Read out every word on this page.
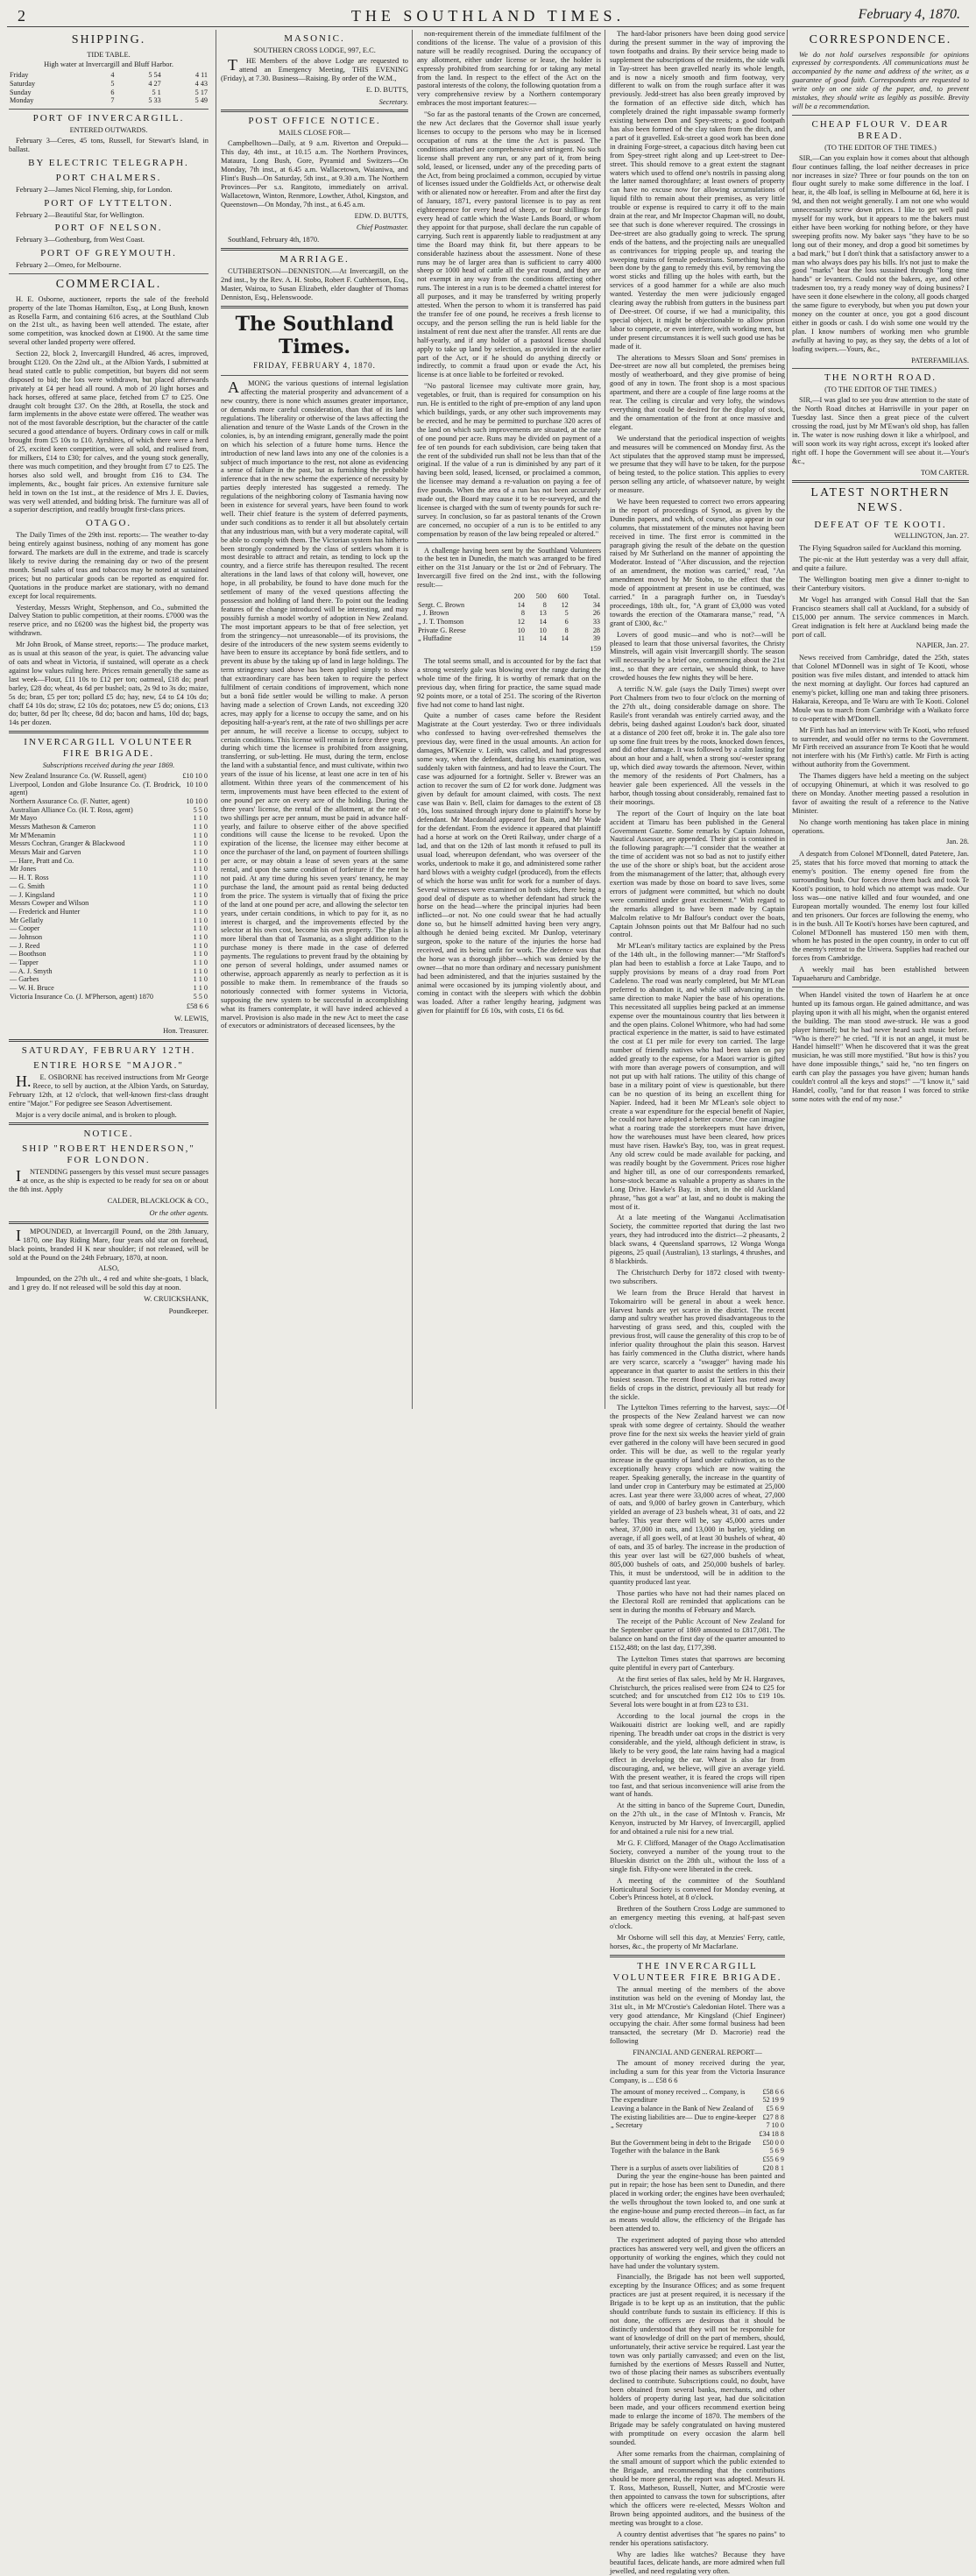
2	THE SOUTHLAND TIMES.	February 4, 1870.
SHIPPING.
TIDE TABLE.
High water at Invercargill and Bluff Harbor.
Friday	4	5 54	4 11
Saturday	5	4 27	4 43
Sunday	6	5 1	5 17
Monday	7	5 33	5 49
PORT OF INVERCARGILL.
ENTERED OUTWARDS.

February 3—Ceres, 45 tons, Russell, for Stewart's Island, in ballast.

BY ELECTRIC TELEGRAPH.
PORT CHALMERS.

February 2—James Nicol Fleming, ship, for London.

PORT OF LYTTELTON.

February 2—Beautiful Star, for Wellington.

PORT OF NELSON.

February 3—Gothenburg, from West Coast.

PORT OF GREYMOUTH.

February 2—Omeo, for Melbourne.

COMMERCIAL.

H. E. Osborne, auctioneer, reports the sale of the freehold property of the late Thomas Hamilton, Esq., at Long Bush, known as Rosella Farm, and containing 616 acres, at the Southland Club on the 21st ult., as having been well attended. The estate, after some competition, was knocked down at £1900. At the same time several other landed property were offered.

Section 22, block 2, Invercargill Hundred, 46 acres, improved, brought £120. On the 22nd ult., at the Albion Yards, I submitted at head stated cattle to public competition, but buyers did not seem disposed to bid; the lots were withdrawn, but placed afterwards privately at £4 per head all round. A mob of 20 light horses and hack horses, offered at same place, fetched from £7 to £25. One draught colt brought £37. On the 28th, at Rosella, the stock and farm implements in the above estate were offered. The weather was not of the most favorable description, but the character of the cattle secured a good attendance of buyers. Ordinary cows in calf or milk brought from £5 10s to £10. Ayrshires, of which there were a herd of 25, excited keen competition, were all sold, and realised from, for milkers, £14 to £30; for calves, and the young stock generally, there was much competition, and they brought from £7 to £25. The horses also sold well, and brought from £16 to £34. The implements, &c., bought fair prices. An extensive furniture sale held in town on the 1st inst., at the residence of Mrs J. E. Davies, was very well attended, and bidding brisk. The furniture was all of a superior description, and readily brought first-class prices.

OTAGO.

The Daily Times of the 29th inst. reports:— The weather to-day being entirely against business, nothing of any moment has gone forward. The markets are dull in the extreme, and trade is scarcely likely to revive during the remaining day or two of the present month. Small sales of teas and tobaccos may be noted at sustained prices; but no particular goods can be reported as enquired for. Quotations in the produce market are stationary, with no demand except for local requirements.

Yesterday, Messrs Wright, Stephenson, and Co., submitted the Dalvey Station to public competition, at their rooms. £7000 was the reserve price, and no £6200 was the highest bid, the property was withdrawn.

Mr John Brook, of Manse street, reports:— The produce market, as is usual at this season of the year, is quiet. The advancing value of oats and wheat in Victoria, if sustained, will operate as a check against low values ruling here. Prices remain generally the same as last week—Flour, £11 10s to £12 per ton; oatmeal, £18 do; pearl barley, £28 do; wheat, 4s 6d per bushel; oats, 2s 9d to 3s do; maize, 5s do; bran, £5 per ton; pollard £5 do; hay, new, £4 to £4 10s do; chaff £4 10s do; straw, £2 10s do; potatoes, new £5 do; onions, £13 do; butter, 8d per lb; cheese, 8d do; bacon and hams, 10d do; bags, 14s per dozen.

INVERCARGILL VOLUNTEER FIRE BRIGADE.
Subscriptions received during the year 1869.
New Zealand Insurance Co. (W. Russell, agent)	£10 10 0
Liverpool, London and Globe Insurance Co. (T. Brodrick, agent)	10 10 0
Northern Assurance Co. (F. Nutter, agent)	10 10 0
Australian Alliance Co. (H. T. Ross, agent)	5 5 0
Mr Mayo	1 1 0
Messrs Matheson & Cameron	1 1 0
Mr M'Menamin	1 1 0
Messrs Cochran, Granger & Blackwood	1 1 0
Messrs Mair and Garven	1 1 0
— Hare, Pratt and Co.	1 1 0
Mr Jones	1 1 0
— H. T. Ross	1 1 0
— G. Smith	1 1 0
— J. Kingsland	1 1 0
Messrs Cowper and Wilson	1 1 0
— Frederick and Hunter	1 1 0
Mr Gellatly	1 1 0
— Cooper	1 1 0
— Johnson	1 1 0
— J. Reed	1 1 0
— Boothson	1 1 0
— Tapper	1 1 0
— A. J. Smyth	1 1 0
— Garbes	1 1 0
— W. H. Bruce	1 1 0
Victoria Insurance Co. (J. M'Pherson, agent) 1870	5 5 0
£58 6 6
W. LEWIS,
Hon. Treasurer.
SATURDAY, FEBRUARY 12TH.
ENTIRE HORSE "MAJOR."

H.E. OSBORNE has received instructions from Mr George Reece, to sell by auction, at the Albion Yards, on Saturday, February 12th, at 12 o'clock, that well-known first-class draught entire "Major." For pedigree see Season Advertisement.

Major is a very docile animal, and is broken to plough.

NOTICE.
SHIP "ROBERT HENDERSON," FOR LONDON.

INTENDING passengers by this vessel must secure passages at once, as the ship is expected to be ready for sea on or about the 8th inst. Apply

CALDER, BLACKLOCK & CO.,
Or the other agents.

IMPOUNDED, at Invercargill Pound, on the 28th January, 1870, one Bay Riding Mare, four years old star on forehead, black points, branded H K near shoulder; if not released, will be sold at the Pound on the 24th February, 1870, at noon.

ALSO,

Impounded, on the 27th ult., 4 red and white she-goats, 1 black, and 1 grey do. If not released will be sold this day at noon.

W. CRUICKSHANK,
Poundkeeper.
MASONIC.
SOUTHERN CROSS LODGE, 997, E.C.

THE Members of the above Lodge are requested to attend an Emergency Meeting, THIS EVENING (Friday), at 7.30. Business—Raising. By order of the W.M.,

E. D. BUTTS,
Secretary.
POST OFFICE NOTICE.
MAILS CLOSE FOR—

Campbelltown—Daily, at 9 a.m. Riverton and Orepuki—This day, 4th inst., at 10.15 a.m. The Northern Provinces, Mataura, Long Bush, Gore, Pyramid and Switzers—On Monday, 7th inst., at 6.45 a.m. Wallacetown, Waianiwa, and Flint's Bush—On Saturday, 5th inst., at 9.30 a.m. The Northern Provinces—Per s.s. Rangitoto, immediately on arrival. Wallacetown, Winton, Renmore, Lowther, Athol, Kingston, and Queenstown—On Monday, 7th inst., at 6.45 a.m.

EDW. D. BUTTS,
Chief Postmaster.

Southland, February 4th, 1870.

MARRIAGE.

CUTHBERTSON—DENNISTON.—At Invercargill, on the 2nd inst., by the Rev. A. H. Stobo, Robert F. Cuthbertson, Esq., Master, Wairoa, to Susan Elizabeth, elder daughter of Thomas Denniston, Esq., Helenswoode.

The Southland Times.
FRIDAY, FEBRUARY 4, 1870.

AMONG the various questions of internal legislation affecting the material prosperity and advancement of a new country, there is none which assumes greater importance, or demands more careful consideration, than that of its land regulations. The liberality or otherwise of the laws affecting the alienation and tenure of the Waste Lands of the Crown in the colonies, is, by an intending emigrant, generally made the point on which his selection of a future home turns. Hence the introduction of new land laws into any one of the colonies is a subject of much importance to the rest, not alone as evidencing a sense of failure in the past, but as furnishing the probable inference that in the new scheme the experience of necessity by parties deeply interested has suggested a remedy. The regulations of the neighboring colony of Tasmania having now been in existence for several years, have been found to work well. Their chief feature is the system of deferred payments, under such conditions as to render it all but absolutely certain that any industrious man, with but a very moderate capital, will be able to comply with them. The Victorian system has hitherto been strongly condemned by the class of settlers whom it is most desirable to attract and retain, as tending to lock up the country, and a fierce strife has thereupon resulted. The recent alterations in the land laws of that colony will, however, one hope, in all probability, be found to have done much for the settlement of many of the vexed questions affecting the possession and holding of land there. To point out the leading features of the change introduced will be interesting, and may possibly furnish a model worthy of adoption in New Zealand. The most important appears to be that of free selection, yet from the stringency—not unreasonable—of its provisions, the desire of the introducers of the new system seems evidently to have been to ensure its acceptance by bonâ fide settlers, and to prevent its abuse by the taking up of land in large holdings. The term stringency used above has been applied simply to show that extraordinary care has been taken to require the perfect fulfilment of certain conditions of improvement, which none but a bonâ fide settler would be willing to make. A person having made a selection of Crown Lands, not exceeding 320 acres, may apply for a license to occupy the same, and on his depositing half-a-year's rent, at the rate of two shillings per acre per annum, he will receive a license to occupy, subject to certain conditions. This license will remain in force three years, during which time the licensee is prohibited from assigning, transferring, or sub-letting. He must, during the term, enclose the land with a substantial fence, and must cultivate, within two years of the issue of his license, at least one acre in ten of his allotment. Within three years of the commencement of his term, improvements must have been effected to the extent of one pound per acre on every acre of the holding. During the three years' license, the rental of the allotment, at the rate of two shillings per acre per annum, must be paid in advance half-yearly, and failure to observe either of the above specified conditions will cause the license to be revoked. Upon the expiration of the license, the licensee may either become at once the purchaser of the land, on payment of fourteen shillings per acre, or may obtain a lease of seven years at the same rental, and upon the same condition of forfeiture if the rent be not paid. At any time during his seven years' tenancy, he may purchase the land, the amount paid as rental being deducted from the price. The system is virtually that of fixing the price of the land at one pound per acre, and allowing the selector ten years, under certain conditions, in which to pay for it, as no interest is charged, and the improvements effected by the selector at his own cost, become his own property. The plan is more liberal than that of Tasmania, as a slight addition to the purchase money is there made in the case of deferred payments. The regulations to prevent fraud by the obtaining by one person of several holdings, under assumed names or otherwise, approach apparently as nearly to perfection as it is possible to make them. In remembrance of the frauds so notoriously connected with former systems in Victoria, supposing the new system to be successful in accomplishing what its framers contemplate, it will have indeed achieved a marvel. Provision is also made in the new Act to meet the case of executors or administrators of deceased licensees, by the

non-requirement therein of the immediate fulfilment of the conditions of the license. The value of a provision of this nature will be readily recognised. During the occupancy of any allotment, either under license or lease, the holder is expressly prohibited from searching for or taking any metal from the land. In respect to the effect of the Act on the pastoral interests of the colony, the following quotation from a very comprehensive review by a Northern contemporary embraces the most important features:—

"So far as the pastoral tenants of the Crown are concerned, the new Act declares that the Governor shall issue yearly licenses to occupy to the persons who may be in licensed occupation of runs at the time the Act is passed. The conditions attached are comprehensive and stringent. No such license shall prevent any run, or any part of it, from being sold, leased, or licensed, under any of the preceding parts of the Act, from being proclaimed a common, occupied by virtue of licenses issued under the Goldfields Act, or otherwise dealt with or alienated now or hereafter. From and after the first day of January, 1871, every pastoral licensee is to pay as rent eighteenpence for every head of sheep, or four shillings for every head of cattle which the Waste Lands Board, or whom they appoint for that purpose, shall declare the run capable of carrying. Such rent is apparently liable to readjustment at any time the Board may think fit, but there appears to be considerable haziness about the assessment. None of these runs may be of larger area than is sufficient to carry 4000 sheep or 1000 head of cattle all the year round, and they are not exempt in any way from the conditions affecting other runs. The interest in a run is to be deemed a chattel interest for all purposes, and it may be transferred by writing properly attested. When the person to whom it is transferred has paid the transfer fee of one pound, he receives a fresh license to occupy, and the person selling the run is held liable for the instalment of rent due next after the transfer. All rents are due half-yearly, and if any holder of a pastoral license should apply to take up land by selection, as provided in the earlier part of the Act, or if he should do anything directly or indirectly, to commit a fraud upon or evade the Act, his license is at once liable to be forfeited or revoked.

"No pastoral licensee may cultivate more grain, hay, vegetables, or fruit, than is required for consumption on his run. He is entitled to the right of pre-emption of any land upon which buildings, yards, or any other such improvements may be erected, and he may be permitted to purchase 320 acres of the land on which such improvements are situated, at the rate of one pound per acre. Runs may be divided on payment of a fee of ten pounds for each subdivision, care being taken that the rent of the subdivided run shall not be less than that of the original. If the value of a run is diminished by any part of it having been sold, leased, licensed, or proclaimed a common, the licensee may demand a re-valuation on paying a fee of five pounds. When the area of a run has not been accurately made out, the Board may cause it to be re-surveyed, and the licensee is charged with the sum of twenty pounds for such re-survey. In conclusion, so far as pastoral tenants of the Crown are concerned, no occupier of a run is to be entitled to any compensation by reason of the law being repealed or altered."

A challenge having been sent by the Southland Volunteers to the best ten in Dunedin, the match was arranged to be fired either on the 31st January or the 1st or 2nd of February. The Invercargill five fired on the 2nd inst., with the following result:—

	200	500	600	Total.
Sergt. C. Brown	14	8	12	34
„ J. Brown	8	13	5	26
„ J. T. Thomson	12	14	6	33
Private G. Reese	10	10	8	28
„ Huffadine	11	14	14	39
159

The total seems small, and is accounted for by the fact that a strong westerly gale was blowing over the range during the whole time of the firing. It is worthy of remark that on the previous day, when firing for practice, the same squad made 92 points more, or a total of 251. The scoring of the Riverton five had not come to hand last night.

Quite a number of cases came before the Resident Magistrate at the Court yesterday. Two or three individuals who confessed to having over-refreshed themselves the previous day, were fined in the usual amounts. An action for damages, M'Kenzie v. Leith, was called, and had progressed some way, when the defendant, during his examination, was suddenly taken with faintness, and had to leave the Court. The case was adjourned for a fortnight. Seller v. Brewer was an action to recover the sum of £2 for work done. Judgment was given by default for amount claimed, with costs. The next case was Bain v. Bell, claim for damages to the extent of £8 10s, loss sustained through injury done to plaintiff's horse by defendant. Mr Macdonald appeared for Bain, and Mr Wade for the defendant. From the evidence it appeared that plaintiff had a horse at work on the Oreti Railway, under charge of a lad, and that on the 12th of last month it refused to pull its usual load, whereupon defendant, who was overseer of the works, undertook to make it go, and administered some rather hard blows with a weighty cudgel (produced), from the effects of which the horse was unfit for work for a number of days. Several witnesses were examined on both sides, there being a good deal of dispute as to whether defendant had struck the horse on the head—where the principal injuries had been inflicted—or not. No one could swear that he had actually done so, but he himself admitted having been very angry, although he denied being excited. Mr Dunlop, veterinary surgeon, spoke to the nature of the injuries the horse had received, and its being unfit for work. The defence was that the horse was a thorough jibber—which was denied by the owner—that no more than ordinary and necessary punishment had been administered, and that the injuries sustained by the animal were occasioned by its jumping violently about, and coming in contact with the sleepers with which the dobbin was loaded. After a rather lengthy hearing, judgment was given for plaintiff for £6 10s, with costs, £1 6s 6d.

The hard-labor prisoners have been doing good service during the present summer in the way of improving the town footpaths and drains. By their service being made to supplement the subscriptions of the residents, the side walk in Tay-street has been gravelled nearly its whole length, and is now a nicely smooth and firm footway, very different to walk on from the rough surface after it was previously. Jedd-street has also been greatly improved by the formation of an effective side ditch, which has completely drained the right impassable swamp formerly existing between Don and Spey-streets; a good footpath has also been formed of the clay taken from the ditch, and a part of it gravelled. Esk-street a good work has been done in draining Forge-street, a capacious ditch having been cut from Spey-street right along and up Leet-street to Dee-street. This should remove to a great extent the stagnant waters which used to offend one's nostrils in passing along the latter named thoroughfare; at least owners of property can have no excuse now for allowing accumulations of liquid filth to remain about their premises, as very little trouble or expense is required to carry it off to the main drain at the rear, and Mr Inspector Chapman will, no doubt, see that such is done wherever required. The crossings in Dee-street are also gradually going to wreck. The sprung ends of the battens, and the projecting nails are unequalled as contrivances for tripping people up, and tearing the sweeping trains of female pedestrians. Something has also been done by the gang to remedy this evil, by removing the worst sticks and filling up the holes with earth, but the services of a good hammer for a while are also much wanted. Yesterday the men were judiciously engaged clearing away the rubbish from gutters in the business part of Dee-street. Of course, if we had a municipality, this special object, it might be objectionable to allow prison labor to compete, or even interfere, with working men, but under present circumstances it is well such good use has be made of it.

The alterations to Messrs Sloan and Sons' premises in Dee-street are now all but completed, the premises being mostly of weatherboard, and they give promise of being good of any in town. The front shop is a most spacious apartment, and there are a couple of fine large rooms at the rear. The ceiling is circular and very lofty, the windows everything that could be desired for the display of stock, and the ornamentation of the front at once massive and elegant.

We understand that the periodical inspection of weights and measures will be commenced on Monday first. As the Act stipulates that the approved stamp must be impressed, we presume that they will have to be taken, for the purpose of being tested, to the police station. This applies to every person selling any article, of whatsoever nature, by weight or measure.

We have been requested to correct two errors appearing in the report of proceedings of Synod, as given by the Dunedin papers, and which, of course, also appear in our columns, that misstatement of the minutes not having been received in time. The first error is committed in the paragraph giving the result of the debate on the question raised by Mr Sutherland on the manner of appointing the Moderator. Instead of "After discussion, and the rejection of an amendment, the motion was carried," read, "An amendment moved by Mr Stobo, to the effect that the mode of appointment at present in use be continued, was carried." In a paragraph further on, in Tuesday's proceedings, 18th ult., for, "A grant of £3,000 was voted towards the erection of the Otamarara manse," read, "A grant of £300, &c."

Lovers of good music—and who is not?—will be pleased to learn that those universal favorites, the Christy Minstrels, will again visit Invercargill shortly. The season will necessarily be a brief one, commencing about the 21st inst., so that they are certain, we should think, to have crowded houses the few nights they will be here.

A terrific N.W. gale (says the Daily Times) swept over Port Chalmers from two to four o'clock on the morning of the 27th ult., doing considerable damage on shore. The Rasile's front verandah was entirely carried away, and the debris, being dashed against Loudon's back door, situated at a distance of 200 feet off, broke it in. The gale also tore up some fine fruit trees by the roots, knocked down fences, and did other damage. It was followed by a calm lasting for about an hour and a half, when a strong sou'-wester sprang up, which died away towards the afternoon. Never, within the memory of the residents of Port Chalmers, has a heavier gale been experienced. All the vessels in the harbor, though tossing about considerably, remained fast to their moorings.

The report of the Court of Inquiry on the late boat accident at Timaru has been published in the General Government Gazette. Some remarks by Captain Johnson, Nautical Assessor, are appended. Their gist is contained in the following paragraph:—"I consider that the weather at the time of accident was not so bad as not to justify either the use of the shore or ship's boat, but the accident arose from the mismanagement of the latter; that, although every exertion was made by those on board to save lives, some errors of judgment were committed, but which no doubt were committed under great excitement." With regard to the remarks alleged to have been made by Captain Malcolm relative to Mr Balfour's conduct over the boats, Captain Johnson points out that Mr Balfour had no such control.

Mr M'Lean's military tactics are explained by the Press of the 14th ult., in the following manner:—"Mr Stafford's plan had been to establish a force at Lake Taupo, and to supply provisions by means of a dray road from Port Cadeleno. The road was nearly completed, but Mr M'Lean preferred to abandon it, and while still advancing in the same direction to make Napier the base of his operations. This necessitated all supplies being packed at an immense expense over the mountainous country that lies between it and the open plains. Colonel Whitmore, who had had some practical experience in the matter, is said to have estimated the cost at £1 per mile for every ton carried. The large number of friendly natives who had been taken on pay added greatly to the expense, for a Maori warrior is gifted with more than average powers of consumption, and will not put up with half rations. The utility of this change of base in a military point of view is questionable, but there can be no question of its being an excellent thing for Napier. Indeed, had it been Mr M'Lean's sole object to create a war expenditure for the especial benefit of Napier, he could not have adopted a better course. One can imagine what a roaring trade the storekeepers must have driven, how the warehouses must have been cleared, how prices must have risen. Hawke's Bay, too, was in great request. Any old screw could be made available for packing, and was readily bought by the Government. Prices rose higher and higher till, as one of our correspondents remarked, horse-stock became as valuable a property as shares in the Long Drive. Hawke's Bay, in short, in the old Auckland phrase, "has got a war" at last, and no doubt is making the most of it.

At a late meeting of the Wanganui Acclimatisation Society, the committee reported that during the last two years, they had introduced into the district—2 pheasants, 2 black swans, 4 Queensland sparrows, 12 Wonga Wonga pigeons, 25 quail (Australian), 13 starlings, 4 thrushes, and 8 blackbirds.

The Christchurch Derby for 1872 closed with twenty-two subscribers.

We learn from the Bruce Herald that harvest in Tokomairiro will be general in about a week hence. Harvest hands are yet scarce in the district. The recent damp and sultry weather has proved disadvantageous to the harvesting of grass seed, and this, coupled with the previous frost, will cause the generality of this crop to be of inferior quality throughout the plain this season. Harvest has fairly commenced in the Clutha district, where hands are very scarce, scarcely a "swagger" having made his appearance in that quarter to assist the settlers in this their busiest season. The recent flood at Taieri has rotted away fields of crops in the district, previously all but ready for the sickle.

The Lyttelton Times referring to the harvest, says:—Of the prospects of the New Zealand harvest we can now speak with some degree of certainty. Should the weather prove fine for the next six weeks the heavier yield of grain ever gathered in the colony will have been secured in good order. This will be due, as well to the regular yearly increase in the quantity of land under cultivation, as to the exceptionally heavy crops which are now waiting the reaper. Speaking generally, the increase in the quantity of land under crop in Canterbury may be estimated at 25,000 acres. Last year there were 33,000 acres of wheat, 27,000 of oats, and 9,000 of barley grown in Canterbury, which yielded an average of 23 bushels wheat, 31 of oats, and 22 barley. This year there will be, say 45,000 acres under wheat, 37,000 in oats, and 13,000 in barley, yielding on average, if all goes well, of at least 30 bushels of wheat, 40 of oats, and 35 of barley. The increase in the production of this year over last will be 627,000 bushels of wheat, 805,000 bushels of oats, and 250,000 bushels of barley. This, it must be understood, will be in addition to the quantity produced last year.

Those parties who have not had their names placed on the Electoral Roll are reminded that applications can be sent in during the months of February and March.

The receipt of the Public Account of New Zealand for the September quarter of 1869 amounted to £817,081. The balance on hand on the first day of the quarter amounted to £152,488; on the last day, £177,398.

The Lyttelton Times states that sparrows are becoming quite plentiful in every part of Canterbury.

At the first series of flax sales, held by Mr H. Hargraves, Christchurch, the prices realised were from £24 to £25 for scutched; and for unscutched from £12 10s to £19 10s. Several lots were bought in at from £23 to £31.

According to the local journal the crops in the Waikouaiti district are looking well, and are rapidly ripening. The breadth under oat crops in the district is very considerable, and the yield, although deficient in straw, is likely to be very good, the late rains having had a magical effect in developing the ear. Wheat is also far from discouraging, and, we believe, will give an average yield. With the present weather, it is feared the crops will ripen too fast, and that serious inconvenience will arise from the want of hands.

At the sitting in banco of the Supreme Court, Dunedin, on the 27th ult., in the case of M'Intosh v. Francis, Mr Kenyon, instructed by Mr Harvey, of Invercargill, applied for and obtained a rule nisi for a new trial.

Mr G. F. Clifford, Manager of the Otago Acclimatisation Society, conveyed a number of the young trout to the Blueskin district on the 28th ult., without the loss of a single fish. Fifty-one were liberated in the creek.

A meeting of the committee of the Southland Horticultural Society is convened for Monday evening, at Cober's Princess hotel, at 8 o'clock.

Brethren of the Southern Cross Lodge are summoned to an emergency meeting this evening, at half-past seven o'clock.

Mr Osborne will sell this day, at Menzies' Ferry, cattle, horses, &c., the property of Mr Macfarlane.

THE INVERCARGILL VOLUNTEER FIRE BRIGADE.

The annual meeting of the members of the above institution was held on the evening of Monday last, the 31st ult., in Mr M'Crostie's Caledonian Hotel. There was a very good attendance, Mr Kingsland (Chief Engineer) occupying the chair. After some formal business had been transacted, the secretary (Mr D. Macrorie) read the following

FINANCIAL AND GENERAL REPORT—

The amount of money received during the year, including a sum for this year from the Victoria Insurance Company, is ... £58 6 6

The amount of money received ... Company, is	£58 6 6
The expenditure	52 19 9
Leaving a balance in the Bank of New Zealand of	£5 6 9
The existing liabilities are— Due to engine-keeper	£27 8 8
„ Secretary	7 10 0
	£34 18 8
But the Government being in debt to the Brigade	£50 0 0
Together with the balance in the Bank	5 6 9
	£55 6 9
There is a surplus of assets over liabilities of	£20 8 1

During the year the engine-house has been painted and put in repair; the hose has been sent to Dunedin, and there placed in working order; the engines have been overhauled; the wells throughout the town looked to, and one sunk at the engine-house and pump erected thereon—in fact, as far as means would allow, the efficiency of the Brigade has been attended to.

The experiment adopted of paying those who attended practices has answered very well, and given the officers an opportunity of working the engines, which they could not have had under the voluntary system.

Financially, the Brigade has not been well supported, excepting by the Insurance Offices; and as some frequent practices are just at present required, it is necessary if the Brigade is to be kept up as an institution, that the public should contribute funds to sustain its efficiency. If this is not done, the officers are desirous that it should be distinctly understood that they will not be responsible for want of knowledge of drill on the part of members, should, unfortunately, their active service be required. Last year the town was only partially canvassed; and even on the list, furnished by the exertions of Messrs Russell and Nutter, two of those placing their names as subscribers eventually declined to contribute. Subscriptions could, no doubt, have been obtained from several banks, merchants, and other holders of property during last year, had due solicitation been made, and your officers recommend exertion being made to enlarge the income of 1870. The members of the Brigade may be safely congratulated on having mustered with promptitude on every occasion the alarm bell sounded.

After some remarks from the chairman, complaining of the small amount of support which the public extended to the Brigade, and recommending that the contributions should be more general, the report was adopted. Messrs H. T. Ross, Matheson, Russell, Nutter, and M'Crostie were then appointed to canvass the town for subscriptions, after which the officers were re-elected, Messrs Wolton and Brown being appointed auditors, and the business of the meeting was brought to a close.

A country dentist advertises that "he spares no pains" to render his operations satisfactory.

Why are ladies like watches? Because they have beautiful faces, delicate hands, are more admired when full jewelled, and need regulating very often.

CORRESPONDENCE.

We do not hold ourselves responsible for opinions expressed by correspondents. All communications must be accompanied by the name and address of the writer, as a guarantee of good faith. Correspondents are requested to write only on one side of the paper, and, to prevent mistakes, they should write as legibly as possible. Brevity will be a recommendation.

CHEAP FLOUR V. DEAR BREAD.
(TO THE EDITOR OF THE TIMES.)

SIR,—Can you explain how it comes about that although flour continues falling, the loaf neither decreases in price nor increases in size? Three or four pounds on the ton on flour ought surely to make some difference in the loaf. I hear, it, the 4lb loaf, is selling in Melbourne at 6d, here it is 9d, and then not weight generally. I am not one who would unnecessarily screw down prices. I like to get well paid myself for my work, but it appears to me the bakers must either have been working for nothing before, or they have sweeping profits now. My baker says "they have to be so long out of their money, and drop a good bit sometimes by a bad mark," but I don't think that a satisfactory answer to a man who always does pay his bills. It's not just to make the good "marks" bear the loss sustained through "long time hands" or levanters. Could not the bakers, aye, and other tradesmen too, try a ready money way of doing business? I have seen it done elsewhere in the colony, all goods charged the same figure to everybody, but when you put down your money on the counter at once, you got a good discount either in goods or cash. I do wish some one would try the plan. I know numbers of working men who grumble awfully at having to pay, as they say, the debts of a lot of loafing swipers.—Yours, &c.,

PATERFAMILIAS.
THE NORTH ROAD.
(TO THE EDITOR OF THE TIMES.)

SIR,—I was glad to see you draw attention to the state of the North Road ditches at Harrisville in your paper on Tuesday last. Since then a great piece of the culvert crossing the road, just by Mr M'Ewan's old shop, has fallen in. The water is now rushing down it like a whirlpool, and will soon work its way right across, except it's looked after right off. I hope the Government will see about it.—Your's &c.,

TOM CARTER.
LATEST NORTHERN NEWS.
DEFEAT OF TE KOOTI.
WELLINGTON, Jan. 27.

The Flying Squadron sailed for Auckland this morning.

The pic-nic at the Hutt yesterday was a very dull affair, and quite a failure.

The Wellington boating men give a dinner to-night to their Canterbury visitors.

Mr Vogel has arranged with Consul Hall that the San Francisco steamers shall call at Auckland, for a subsidy of £15,000 per annum. The service commences in March. Great indignation is felt here at Auckland being made the port of call.

NAPIER, Jan. 27.

News received from Cambridge, dated the 25th, states that Colonel M'Donnell was in sight of Te Kooti, whose position was five miles distant, and intended to attack him the next morning at daylight. Our forces had captured an enemy's picket, killing one man and taking three prisoners. Hakaraia, Kereopa, and Te Waru are with Te Kooti. Colonel Moule was to march from Cambridge with a Waikato force to co-operate with M'Donnell.

Mr Firth has had an interview with Te Kooti, who refused to surrender, and would offer no terms to the Government. Mr Firth received an assurance from Te Kooti that he would not interfere with his (Mr Firth's) cattle. Mr Firth is acting without authority from the Government.

The Thames diggers have held a meeting on the subject of occupying Ohinemuri, at which it was resolved to go there on Monday. Another meeting passed a resolution in favor of awaiting the result of a reference to the Native Minister.

No change worth mentioning has taken place in mining operations.

Jan. 28.

A despatch from Colonel M'Donnell, dated Patetere, Jan. 25, states that his force moved that morning to attack the enemy's position. The enemy opened fire from the surrounding bush. Our forces drove them back and took Te Kooti's position, to hold which no attempt was made. Our loss was—one native killed and four wounded, and one European mortally wounded. The enemy lost four killed and ten prisoners. Our forces are following the enemy, who is in the bush. All Te Kooti's horses have been captured, and Colonel M'Donnell has mustered 150 men with them, whom he has posted in the open country, in order to cut off the enemy's retreat to the Uriwera. Supplies had reached our forces from Cambridge.

A weekly mail has been established between Tapuaeharuru and Cambridge.

When Handel visited the town of Haarlem he at once hunted up its famous organ. He gained admittance, and was playing upon it with all his might, when the organist entered the building. The man stood awe-struck. He was a good player himself; but he had never heard such music before. "Who is there?" he cried. "If it is not an angel, it must be Handel himself!" When he discovered that it was the great musician, he was still more mystified. "But how is this? you have done impossible things," said he, "no ten fingers on earth can play the passages you have given; human hands couldn't control all the keys and stops!" —"I know it," said Handel, coolly, "and for that reason I was forced to strike some notes with the end of my nose."
